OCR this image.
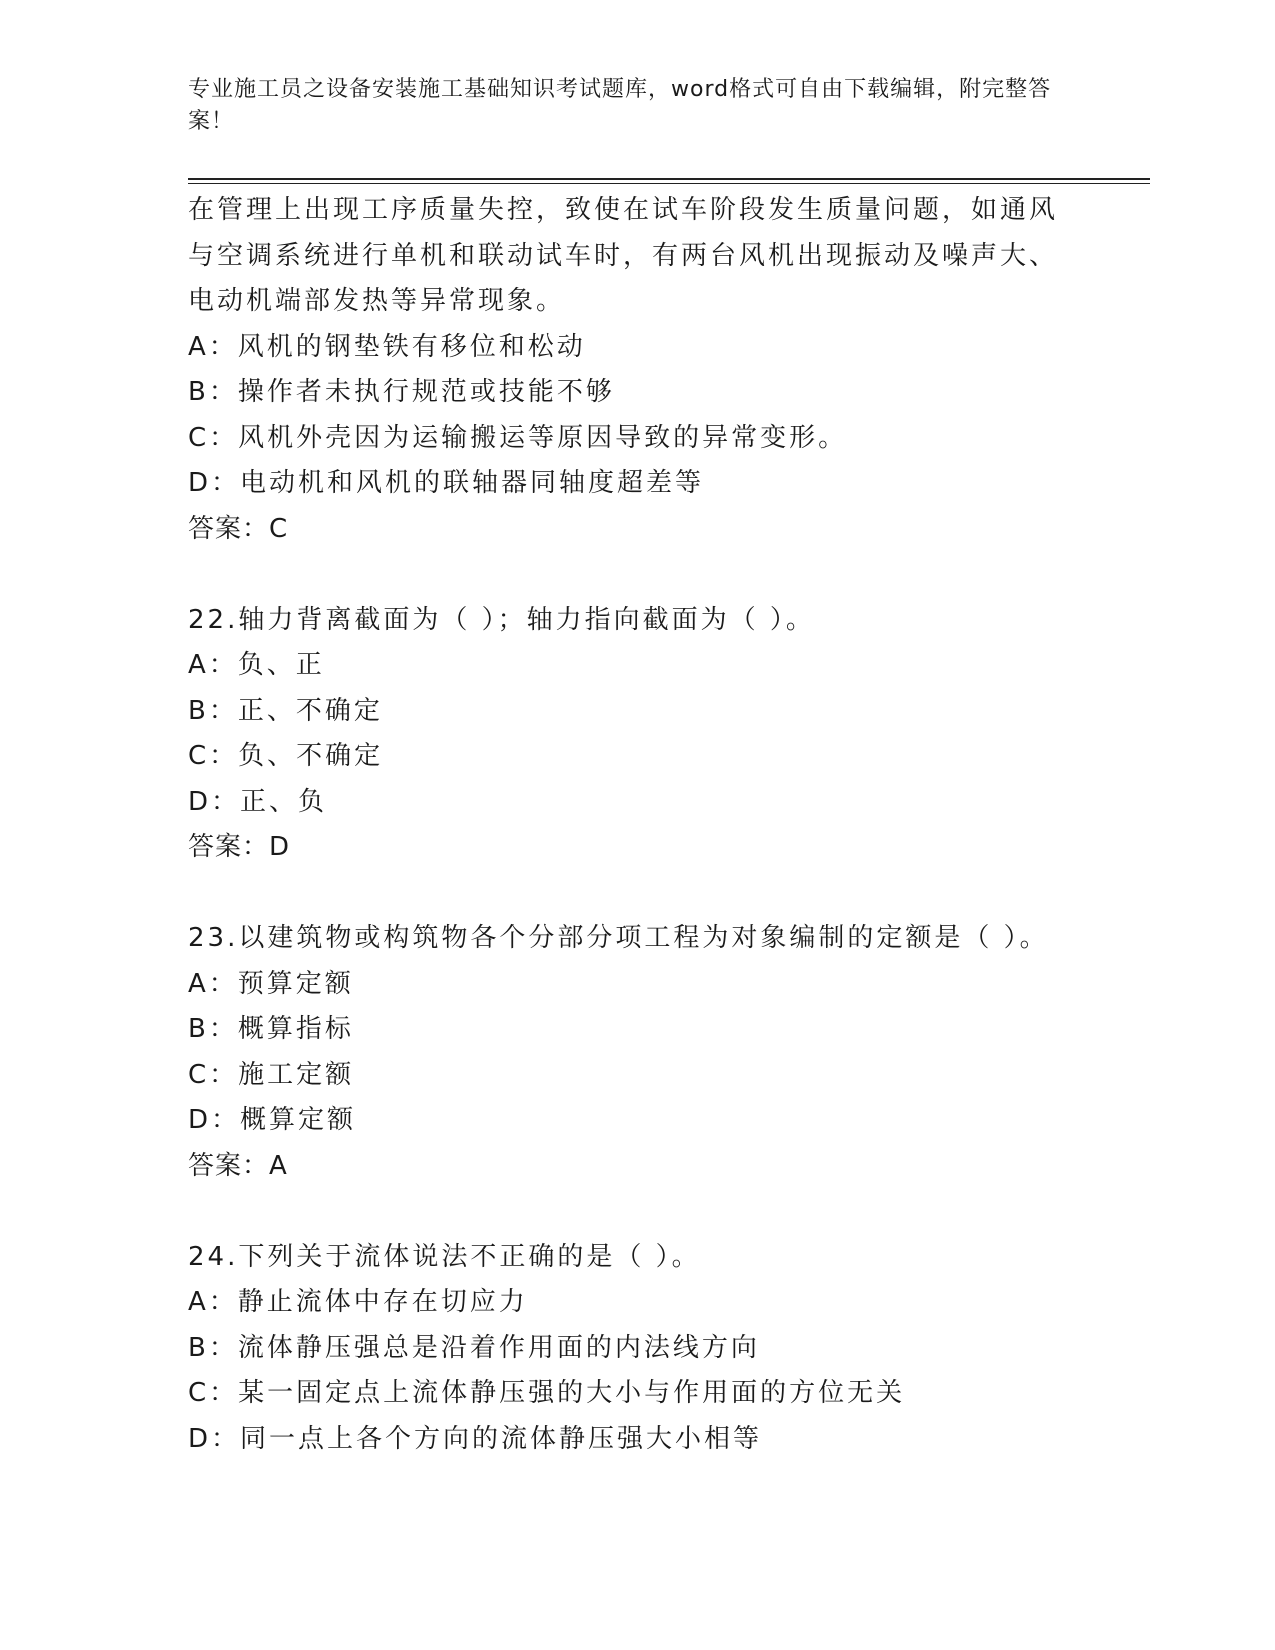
专业施工员之设备安装施工基础知识考试题库，word格式可自由下载编辑，附完整答案！
在管理上出现工序质量失控，致使在试车阶段发生质量问题，如通风
与空调系统进行单机和联动试车时，有两台风机出现振动及噪声大、
电动机端部发热等异常现象。
A：风机的钢垫铁有移位和松动
B：操作者未执行规范或技能不够
C：风机外壳因为运输搬运等原因导致的异常变形。
D：电动机和风机的联轴器同轴度超差等
答案：C
22.轴力背离截面为（ ）；轴力指向截面为（ ）。
A：负、正
B：正、不确定
C：负、不确定
D：正、负
答案：D
23.以建筑物或构筑物各个分部分项工程为对象编制的定额是（ ）。
A：预算定额
B：概算指标
C：施工定额
D：概算定额
答案：A
24.下列关于流体说法不正确的是（ ）。
A：静止流体中存在切应力
B：流体静压强总是沿着作用面的内法线方向
C：某一固定点上流体静压强的大小与作用面的方位无关
D：同一点上各个方向的流体静压强大小相等
